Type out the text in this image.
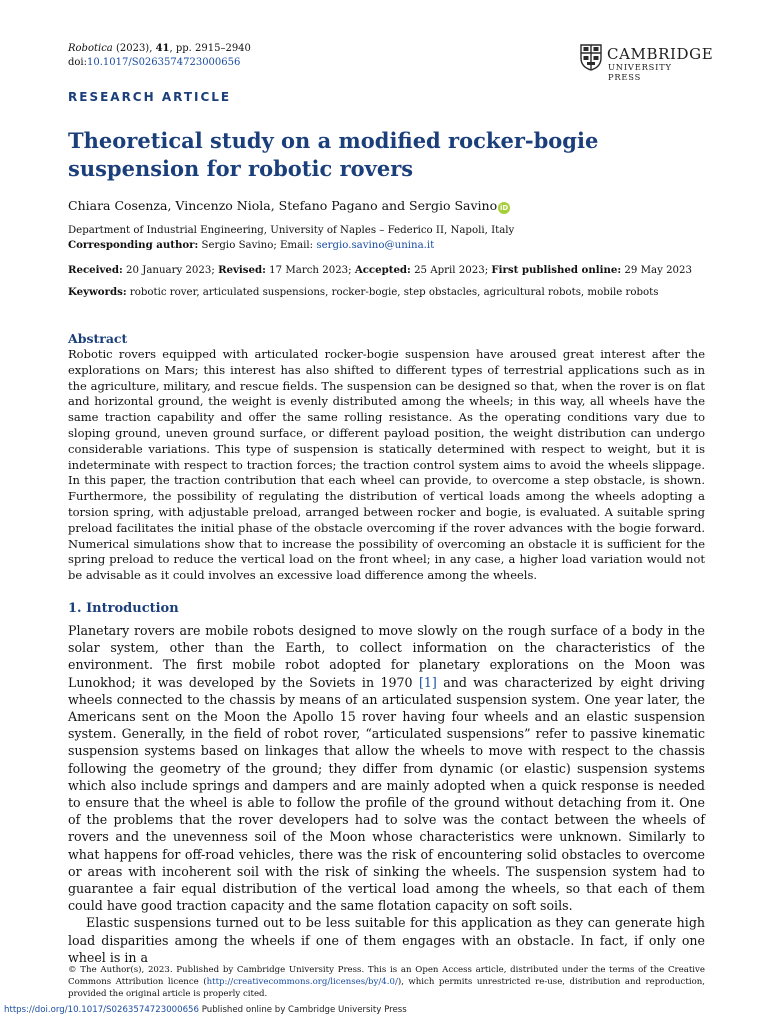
Robotica (2023), 41, pp. 2915–2940
doi:10.1017/S0263574723000656	CAMBRIDGE
UNIVERSITY PRESS
RESEARCH ARTICLE
Theoretical study on a modified rocker-bogie suspension for robotic rovers
Chiara Cosenza, Vincenzo Niola, Stefano Pagano and Sergio Savino iD
Department of Industrial Engineering, University of Naples – Federico II, Napoli, Italy
Corresponding author: Sergio Savino; Email: sergio.savino@unina.it
Received: 20 January 2023; Revised: 17 March 2023; Accepted: 25 April 2023; First published online: 29 May 2023
Keywords: robotic rover, articulated suspensions, rocker-bogie, step obstacles, agricultural robots, mobile robots
Abstract

Robotic rovers equipped with articulated rocker-bogie suspension have aroused great interest after the explorations on Mars; this interest has also shifted to different types of terrestrial applications such as in the agriculture, military, and rescue fields. The suspension can be designed so that, when the rover is on flat and horizontal ground, the weight is evenly distributed among the wheels; in this way, all wheels have the same traction capability and offer the same rolling resistance. As the operating conditions vary due to sloping ground, uneven ground surface, or different payload position, the weight distribution can undergo considerable variations. This type of suspension is statically determined with respect to weight, but it is indeterminate with respect to traction forces; the traction control system aims to avoid the wheels slippage. In this paper, the traction contribution that each wheel can provide, to overcome a step obstacle, is shown. Furthermore, the possibility of regulating the distribution of vertical loads among the wheels adopting a torsion spring, with adjustable preload, arranged between rocker and bogie, is evaluated. A suitable spring preload facilitates the initial phase of the obstacle overcoming if the rover advances with the bogie forward. Numerical simulations show that to increase the possibility of overcoming an obstacle it is sufficient for the spring preload to reduce the vertical load on the front wheel; in any case, a higher load variation would not be advisable as it could involves an excessive load difference among the wheels.

1. Introduction

Planetary rovers are mobile robots designed to move slowly on the rough surface of a body in the solar system, other than the Earth, to collect information on the characteristics of the environment. The first mobile robot adopted for planetary explorations on the Moon was Lunokhod; it was developed by the Soviets in 1970 [1] and was characterized by eight driving wheels connected to the chassis by means of an articulated suspension system. One year later, the Americans sent on the Moon the Apollo 15 rover having four wheels and an elastic suspension system. Generally, in the field of robot rover, “articulated suspensions” refer to passive kinematic suspension systems based on linkages that allow the wheels to move with respect to the chassis following the geometry of the ground; they differ from dynamic (or elastic) suspension systems which also include springs and dampers and are mainly adopted when a quick response is needed to ensure that the wheel is able to follow the profile of the ground without detaching from it. One of the problems that the rover developers had to solve was the contact between the wheels of rovers and the unevenness soil of the Moon whose characteristics were unknown. Similarly to what happens for off-road vehicles, there was the risk of encountering solid obstacles to overcome or areas with incoherent soil with the risk of sinking the wheels. The suspension system had to guarantee a fair equal distribution of the vertical load among the wheels, so that each of them could have good traction capacity and the same flotation capacity on soft soils.

Elastic suspensions turned out to be less suitable for this application as they can generate high load disparities among the wheels if one of them engages with an obstacle. In fact, if only one wheel is in a

© The Author(s), 2023. Published by Cambridge University Press. This is an Open Access article, distributed under the terms of the Creative Commons Attribution licence (http://creativecommons.org/licenses/by/4.0/), which permits unrestricted re-use, distribution and reproduction, provided the original article is properly cited.

https://doi.org/10.1017/S0263574723000656 Published online by Cambridge University Press
